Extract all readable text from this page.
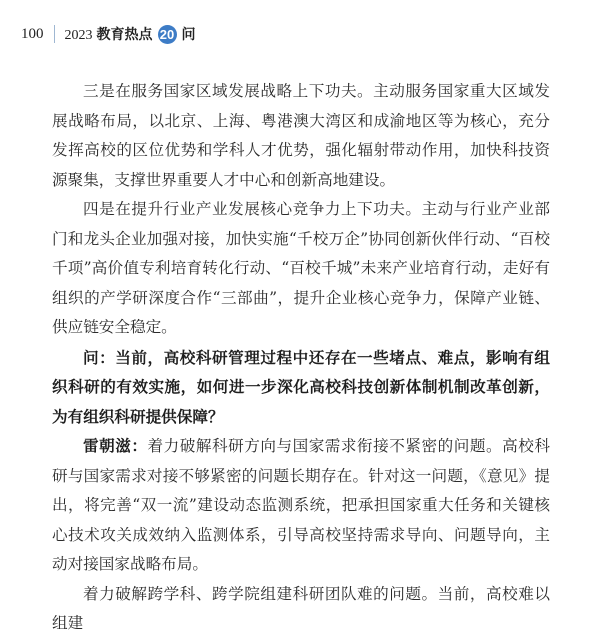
100 2023 教育热点 20 问

三是在服务国家区域发展战略上下功夫。主动服务国家重大区域发展战略布局，以北京、上海、粤港澳大湾区和成渝地区等为核心，充分发挥高校的区位优势和学科人才优势，强化辐射带动作用，加快科技资源聚集，支撑世界重要人才中心和创新高地建设。

四是在提升行业产业发展核心竞争力上下功夫。主动与行业产业部门和龙头企业加强对接，加快实施“千校万企”协同创新伙伴行动、“百校千项”高价值专利培育转化行动、“百校千城”未来产业培育行动，走好有组织的产学研深度合作“三部曲”，提升企业核心竞争力，保障产业链、供应链安全稳定。

问：当前，高校科研管理过程中还存在一些堵点、难点，影响有组织科研的有效实施，如何进一步深化高校科技创新体制机制改革创新，为有组织科研提供保障？

雷朝滋：着力破解科研方向与国家需求衔接不紧密的问题。高校科研与国家需求对接不够紧密的问题长期存在。针对这一问题，《意见》提出，将完善“双一流”建设动态监测系统，把承担国家重大任务和关键核心技术攻关成效纳入监测体系，引导高校坚持需求导向、问题导向，主动对接国家战略布局。

着力破解跨学科、跨学院组建科研团队难的问题。当前，高校难以组建
